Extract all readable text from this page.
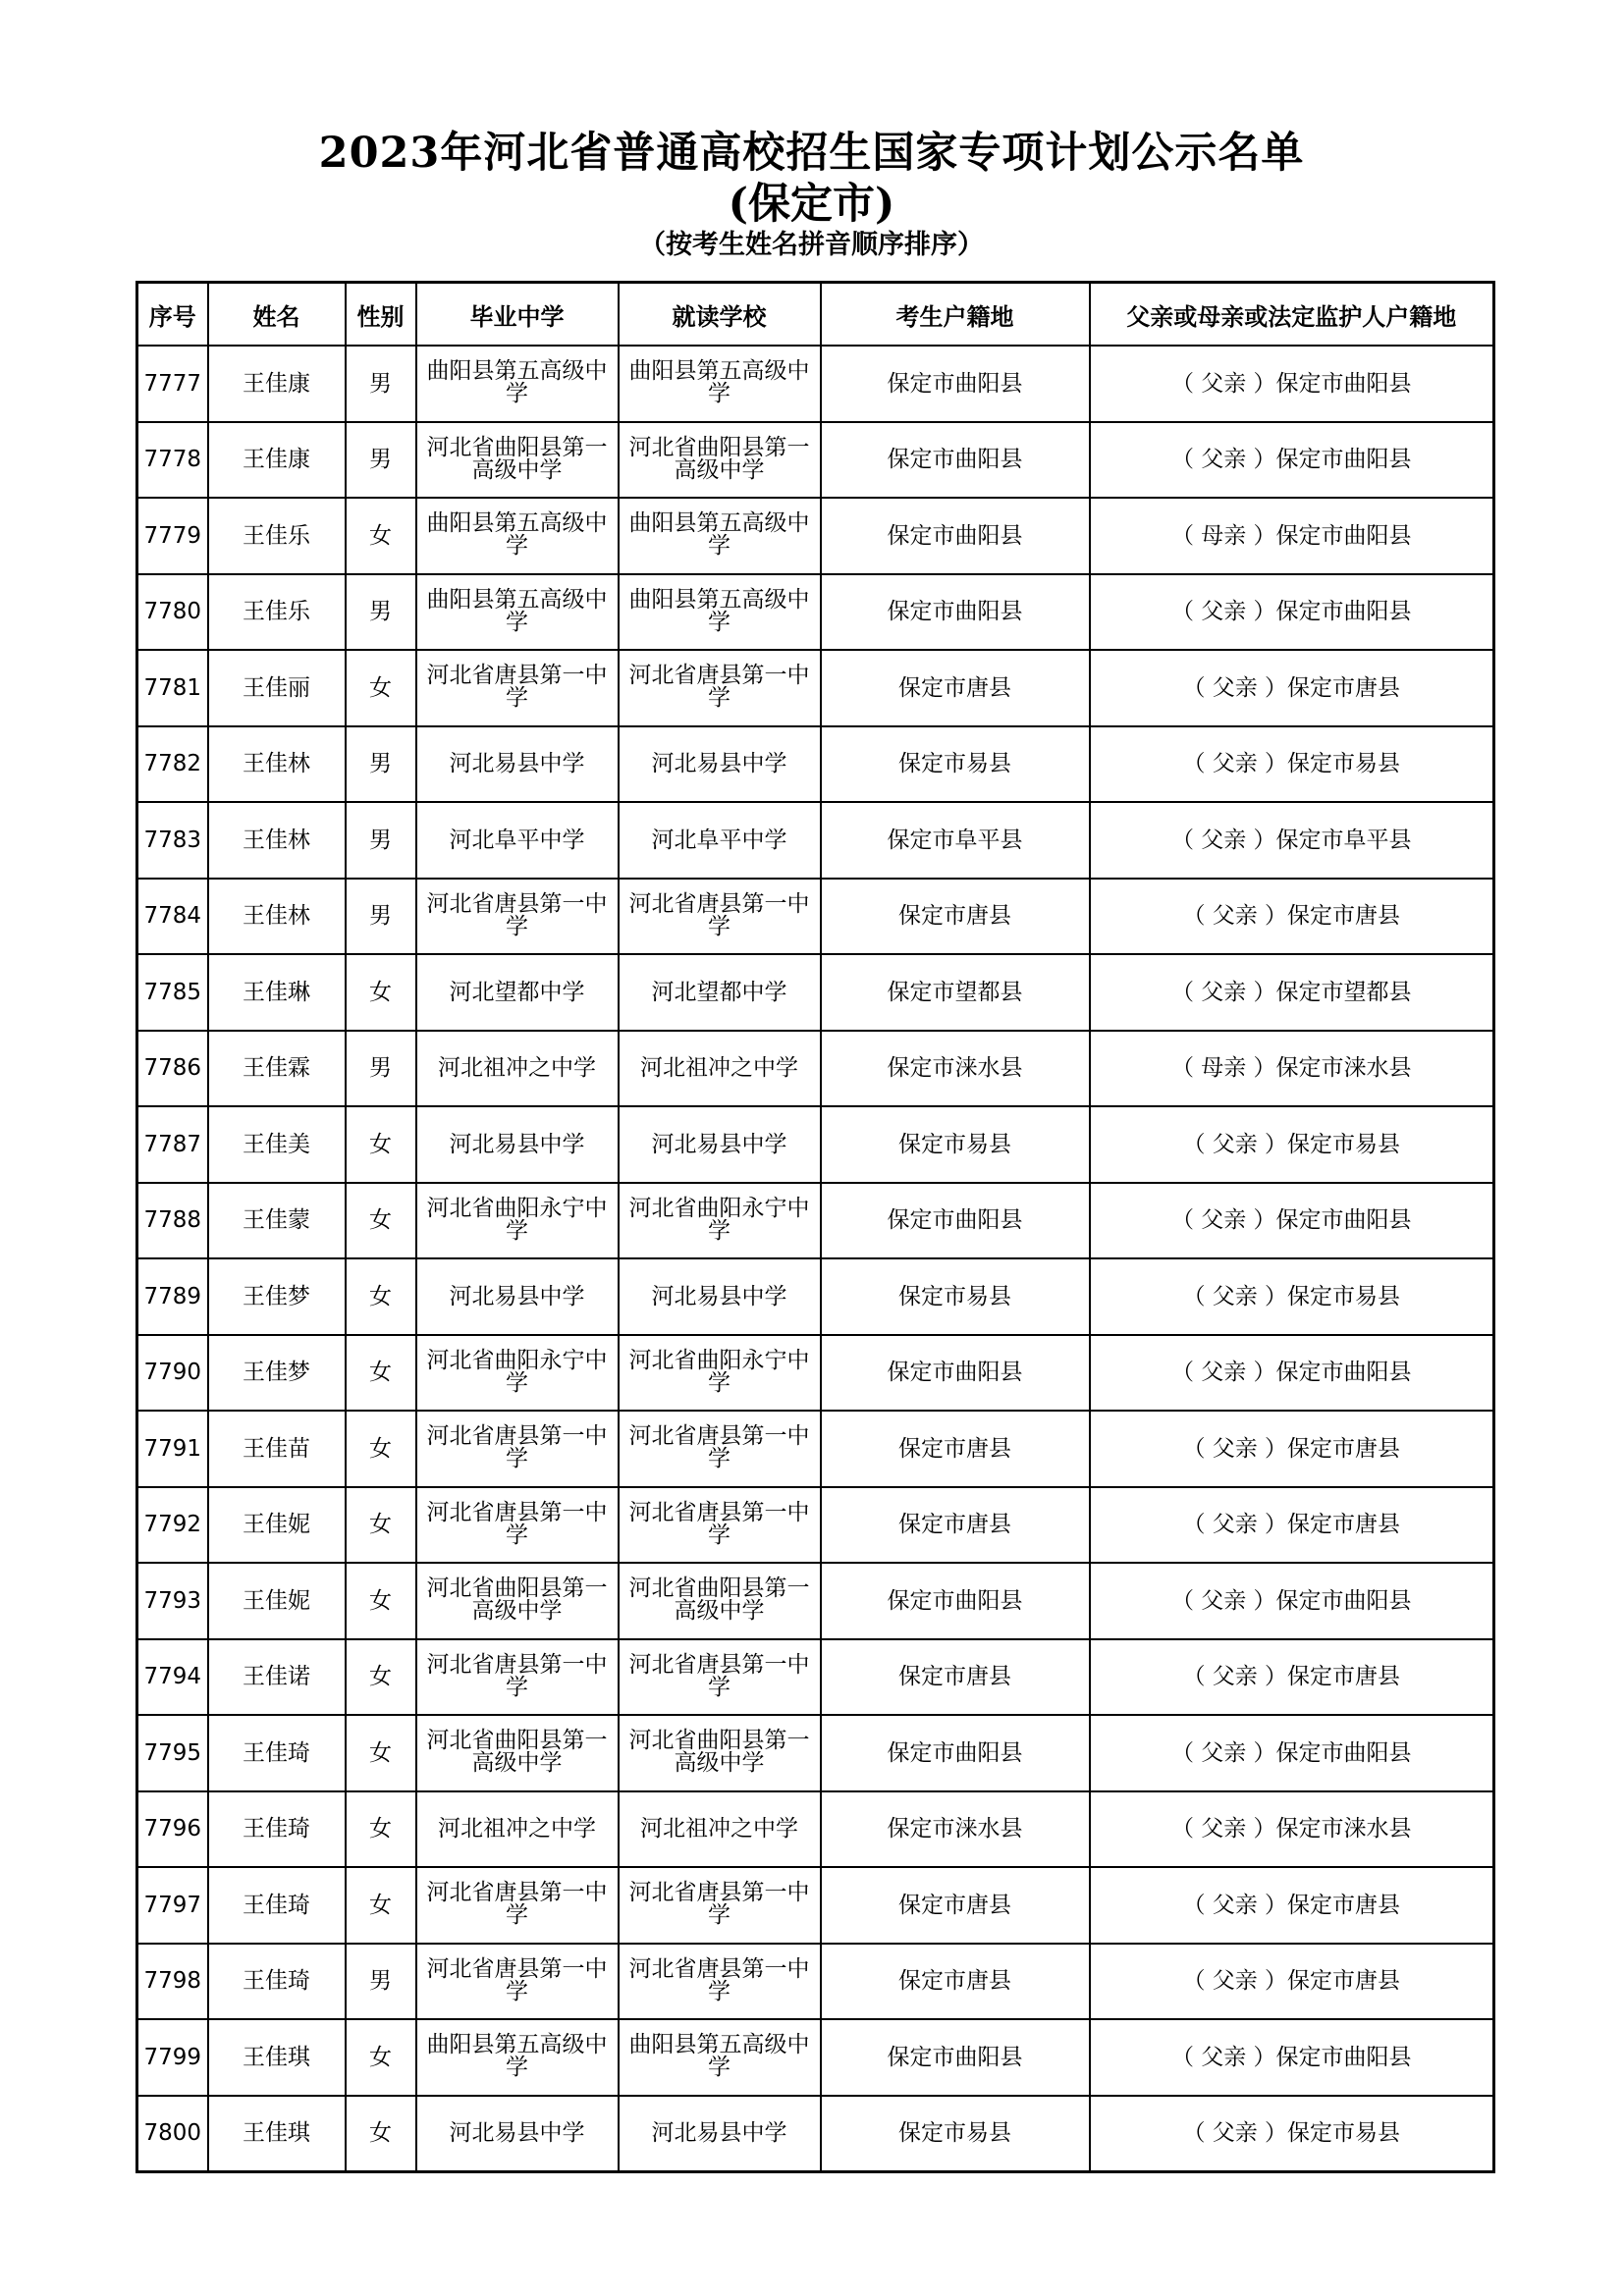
2023年河北省普通高校招生国家专项计划公示名单
(保定市)
（按考生姓名拼音顺序排序）
序号	姓名	性别	毕业中学	就读学校	考生户籍地	父亲或母亲或法定监护人户籍地
7777	王佳康	男	曲阳县第五高级中学	曲阳县第五高级中学	保定市曲阳县	（ 父亲 ）保定市曲阳县
7778	王佳康	男	河北省曲阳县第一高级中学	河北省曲阳县第一高级中学	保定市曲阳县	（ 父亲 ）保定市曲阳县
7779	王佳乐	女	曲阳县第五高级中学	曲阳县第五高级中学	保定市曲阳县	（ 母亲 ）保定市曲阳县
7780	王佳乐	男	曲阳县第五高级中学	曲阳县第五高级中学	保定市曲阳县	（ 父亲 ）保定市曲阳县
7781	王佳丽	女	河北省唐县第一中学	河北省唐县第一中学	保定市唐县	（ 父亲 ）保定市唐县
7782	王佳林	男	河北易县中学	河北易县中学	保定市易县	（ 父亲 ）保定市易县
7783	王佳林	男	河北阜平中学	河北阜平中学	保定市阜平县	（ 父亲 ）保定市阜平县
7784	王佳林	男	河北省唐县第一中学	河北省唐县第一中学	保定市唐县	（ 父亲 ）保定市唐县
7785	王佳琳	女	河北望都中学	河北望都中学	保定市望都县	（ 父亲 ）保定市望都县
7786	王佳霖	男	河北祖冲之中学	河北祖冲之中学	保定市涞水县	（ 母亲 ）保定市涞水县
7787	王佳美	女	河北易县中学	河北易县中学	保定市易县	（ 父亲 ）保定市易县
7788	王佳蒙	女	河北省曲阳永宁中学	河北省曲阳永宁中学	保定市曲阳县	（ 父亲 ）保定市曲阳县
7789	王佳梦	女	河北易县中学	河北易县中学	保定市易县	（ 父亲 ）保定市易县
7790	王佳梦	女	河北省曲阳永宁中学	河北省曲阳永宁中学	保定市曲阳县	（ 父亲 ）保定市曲阳县
7791	王佳苗	女	河北省唐县第一中学	河北省唐县第一中学	保定市唐县	（ 父亲 ）保定市唐县
7792	王佳妮	女	河北省唐县第一中学	河北省唐县第一中学	保定市唐县	（ 父亲 ）保定市唐县
7793	王佳妮	女	河北省曲阳县第一高级中学	河北省曲阳县第一高级中学	保定市曲阳县	（ 父亲 ）保定市曲阳县
7794	王佳诺	女	河北省唐县第一中学	河北省唐县第一中学	保定市唐县	（ 父亲 ）保定市唐县
7795	王佳琦	女	河北省曲阳县第一高级中学	河北省曲阳县第一高级中学	保定市曲阳县	（ 父亲 ）保定市曲阳县
7796	王佳琦	女	河北祖冲之中学	河北祖冲之中学	保定市涞水县	（ 父亲 ）保定市涞水县
7797	王佳琦	女	河北省唐县第一中学	河北省唐县第一中学	保定市唐县	（ 父亲 ）保定市唐县
7798	王佳琦	男	河北省唐县第一中学	河北省唐县第一中学	保定市唐县	（ 父亲 ）保定市唐县
7799	王佳琪	女	曲阳县第五高级中学	曲阳县第五高级中学	保定市曲阳县	（ 父亲 ）保定市曲阳县
7800	王佳琪	女	河北易县中学	河北易县中学	保定市易县	（ 父亲 ）保定市易县
